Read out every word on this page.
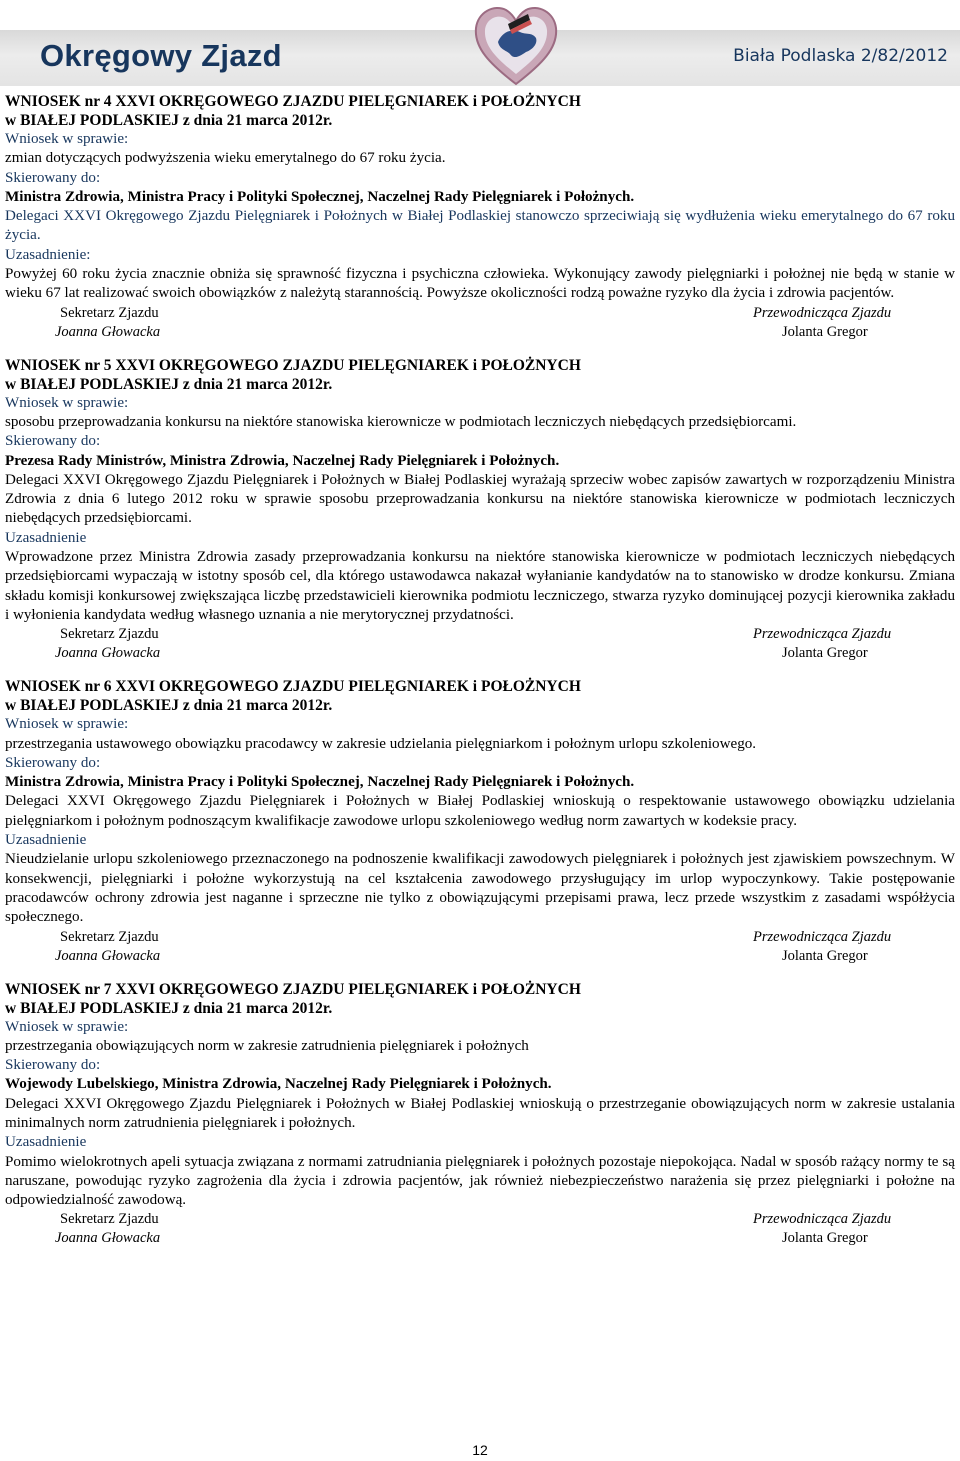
Okręgowy Zjazd	Biała Podlaska 2/82/2012

WNIOSEK nr 4 XXVI OKRĘGOWEGO ZJAZDU PIELĘGNIAREK i POŁOŻNYCH

w BIAŁEJ PODLASKIEJ z dnia 21 marca 2012r.

Wniosek w sprawie:

zmian dotyczących podwyższenia wieku emerytalnego do 67 roku życia.

Skierowany do:

Ministra Zdrowia, Ministra Pracy i Polityki Społecznej, Naczelnej Rady Pielęgniarek i Położnych.

Delegaci XXVI Okręgowego Zjazdu Pielęgniarek i Położnych w Białej Podlaskiej stanowczo sprzeciwiają się wydłużenia wieku emerytalnego do 67 roku życia.

Uzasadnienie:

Powyżej 60 roku życia znacznie obniża się sprawność fizyczna i psychiczna człowieka. Wykonujący zawody pielęgniarki i położnej nie będą w stanie w wieku 67 lat realizować swoich obowiązków z należytą starannością. Powyższe okoliczności rodzą poważne ryzyko dla życia i zdrowia pacjentów.

Sekretarz Zjazdu
Joanna Głowacka
Przewodnicząca Zjazdu
Jolanta Gregor

WNIOSEK nr 5 XXVI OKRĘGOWEGO ZJAZDU PIELĘGNIAREK i POŁOŻNYCH

w BIAŁEJ PODLASKIEJ z dnia 21 marca 2012r.

Wniosek w sprawie:

sposobu przeprowadzania konkursu na niektóre stanowiska kierownicze w podmiotach leczniczych niebędących przedsiębiorcami.

Skierowany do:

Prezesa Rady Ministrów, Ministra Zdrowia, Naczelnej Rady Pielęgniarek i Położnych.

Delegaci XXVI Okręgowego Zjazdu Pielęgniarek i Położnych w Białej Podlaskiej wyrażają sprzeciw wobec zapisów zawartych w rozporządzeniu Ministra Zdrowia z dnia 6 lutego 2012 roku w sprawie sposobu przeprowadzania konkursu na niektóre stanowiska kierownicze w podmiotach leczniczych niebędących przedsiębiorcami.

Uzasadnienie

Wprowadzone przez Ministra Zdrowia zasady przeprowadzania konkursu na niektóre stanowiska kierownicze w podmiotach leczniczych niebędących przedsiębiorcami wypaczają w istotny sposób cel, dla którego ustawodawca nakazał wyłanianie kandydatów na to stanowisko w drodze konkursu. Zmiana składu komisji konkursowej zwiększająca liczbę przedstawicieli kierownika podmiotu leczniczego, stwarza ryzyko dominującej pozycji kierownika zakładu i wyłonienia kandydata według własnego uznania a nie merytorycznej przydatności.

Sekretarz Zjazdu
Joanna Głowacka
Przewodnicząca Zjazdu
Jolanta Gregor

WNIOSEK nr 6 XXVI OKRĘGOWEGO ZJAZDU PIELĘGNIAREK i POŁOŻNYCH

w BIAŁEJ PODLASKIEJ z dnia 21 marca 2012r.

Wniosek w sprawie:

przestrzegania ustawowego obowiązku pracodawcy w zakresie udzielania pielęgniarkom i położnym urlopu szkoleniowego.

Skierowany do:

Ministra Zdrowia, Ministra Pracy i Polityki Społecznej, Naczelnej Rady Pielęgniarek i Położnych.

Delegaci XXVI Okręgowego Zjazdu Pielęgniarek i Położnych w Białej Podlaskiej wnioskują o respektowanie ustawowego obowiązku udzielania pielęgniarkom i położnym podnoszącym kwalifikacje zawodowe urlopu szkoleniowego według norm zawartych w kodeksie pracy.

Uzasadnienie

Nieudzielanie urlopu szkoleniowego przeznaczonego na podnoszenie kwalifikacji zawodowych pielęgniarek i położnych jest zjawiskiem powszechnym. W konsekwencji, pielęgniarki i położne wykorzystują na cel kształcenia zawodowego przysługujący im urlop wypoczynkowy. Takie postępowanie pracodawców ochrony zdrowia jest naganne i sprzeczne nie tylko z obowiązującymi przepisami prawa, lecz przede wszystkim z zasadami współżycia społecznego.

Sekretarz Zjazdu
Joanna Głowacka
Przewodnicząca Zjazdu
Jolanta Gregor

WNIOSEK nr 7 XXVI OKRĘGOWEGO ZJAZDU PIELĘGNIAREK i POŁOŻNYCH

w BIAŁEJ PODLASKIEJ z dnia 21 marca 2012r.

Wniosek w sprawie:

przestrzegania obowiązujących norm w zakresie zatrudnienia pielęgniarek i położnych

Skierowany do:

Wojewody Lubelskiego, Ministra Zdrowia, Naczelnej Rady Pielęgniarek i Położnych.

Delegaci XXVI Okręgowego Zjazdu Pielęgniarek i Położnych w Białej Podlaskiej wnioskują o przestrzeganie obowiązujących norm w zakresie ustalania minimalnych norm zatrudnienia pielęgniarek i położnych.

Uzasadnienie

Pomimo wielokrotnych apeli sytuacja związana z normami zatrudniania pielęgniarek i położnych pozostaje niepokojąca. Nadal w sposób rażący normy te są naruszane, powodując ryzyko zagrożenia dla życia i zdrowia pacjentów, jak również niebezpieczeństwo narażenia się przez pielęgniarki i położne na odpowiedzialność zawodową.

Sekretarz Zjazdu
Joanna Głowacka
Przewodnicząca Zjazdu
Jolanta Gregor
12
